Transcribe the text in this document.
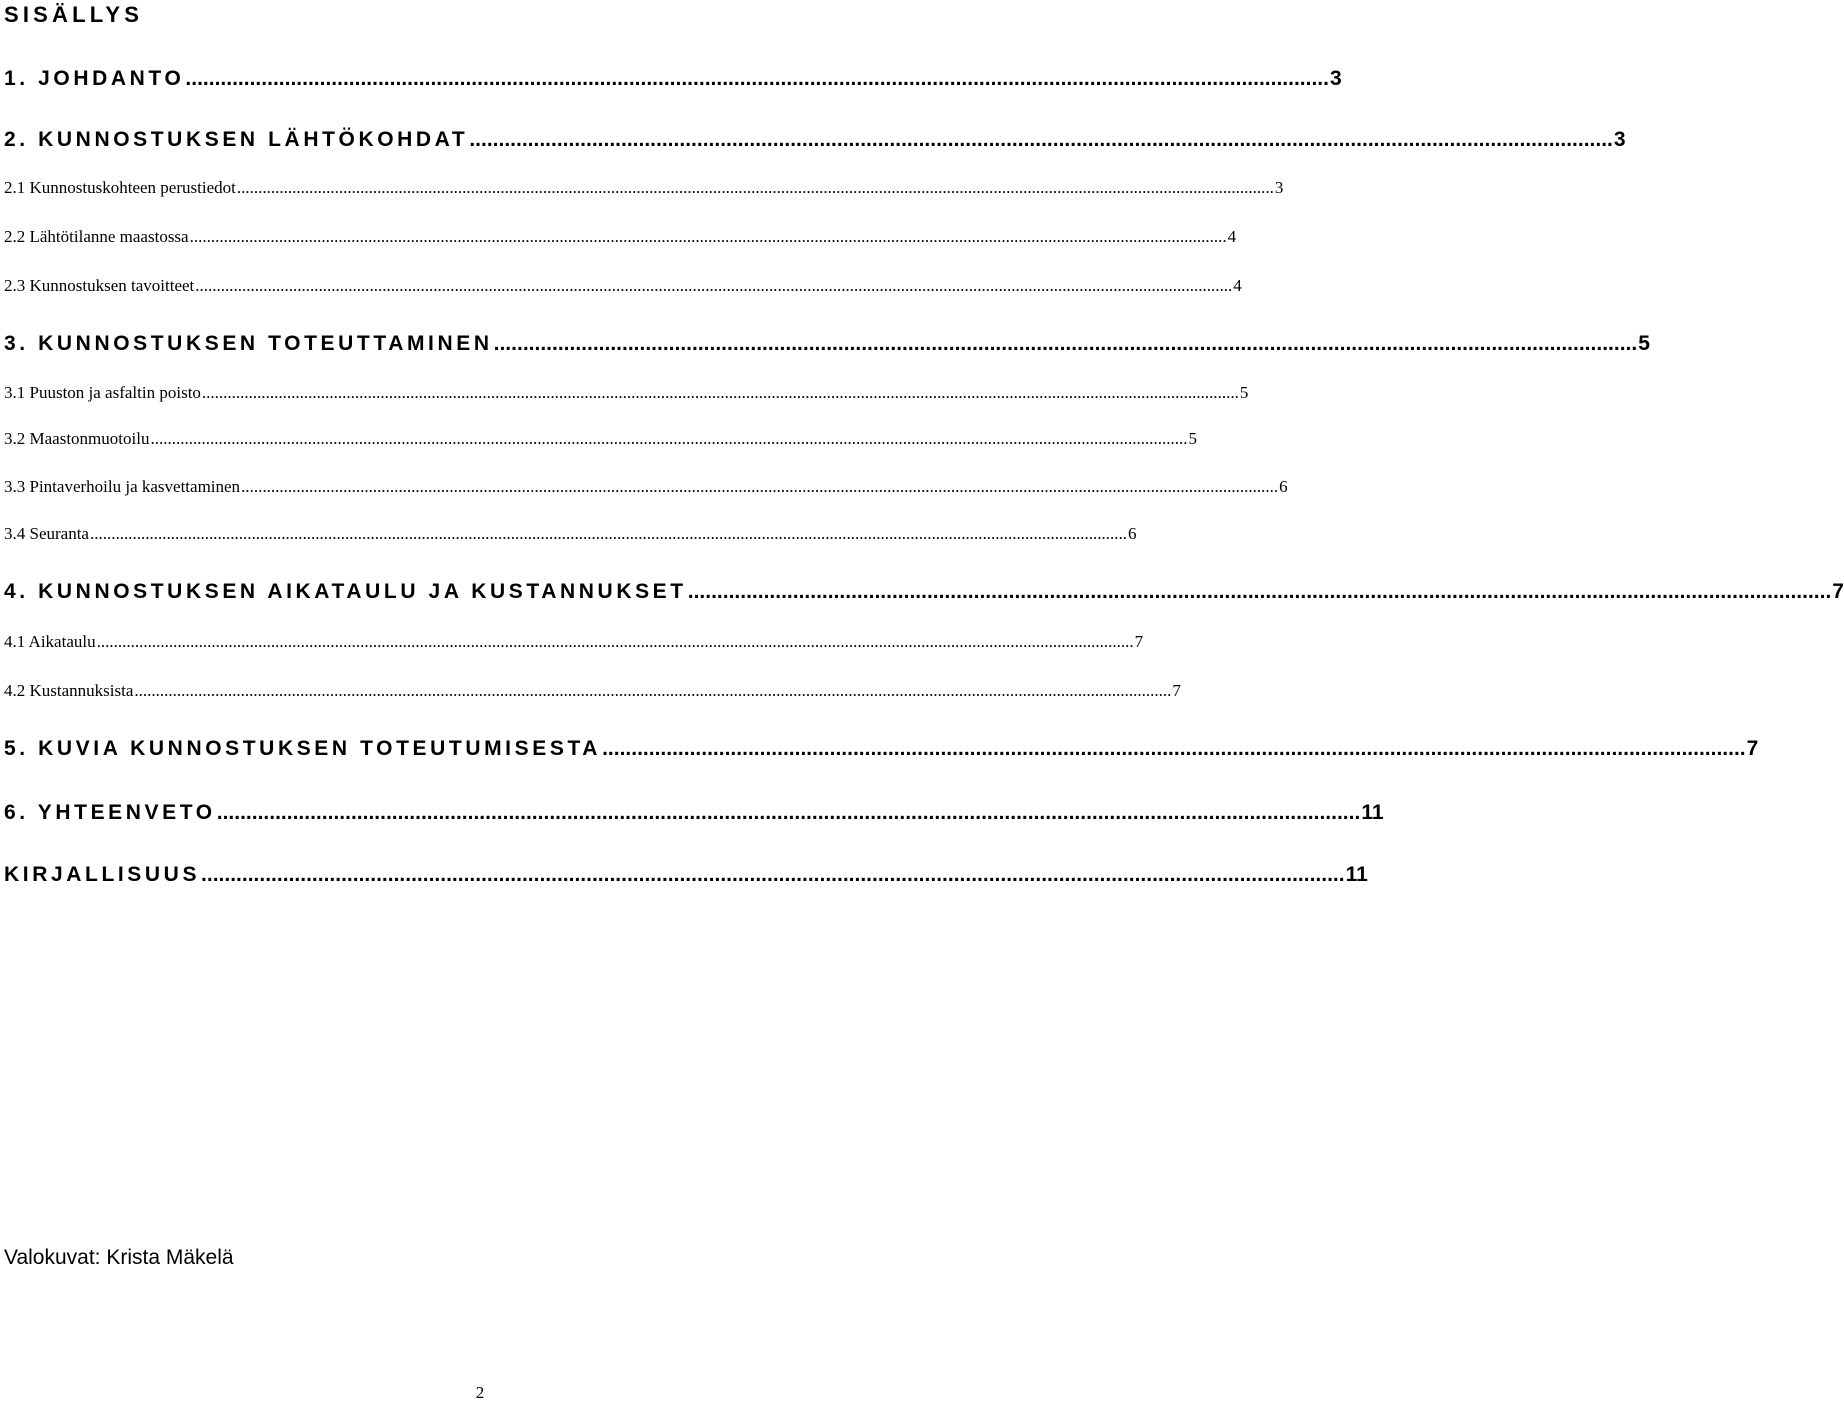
SISÄLLYS
1. JOHDANTO .................................................................................................................................................................................................... 3
2. KUNNOSTUKSEN LÄHTÖKOHDAT .................................................................................................................................................................................................... 3
2.1 Kunnostuskohteen perustiedot .................................................................................................................................................................................................................................................... 3
2.2 Lähtötilanne maastossa .................................................................................................................................................................................................................................................... 4
2.3 Kunnostuksen tavoitteet .................................................................................................................................................................................................................................................... 4
3. KUNNOSTUKSEN TOTEUTTAMINEN .................................................................................................................................................................................................... 5
3.1 Puuston ja asfaltin poisto .................................................................................................................................................................................................................................................... 5
3.2 Maastonmuotoilu .................................................................................................................................................................................................................................................... 5
3.3 Pintaverhoilu ja kasvettaminen .................................................................................................................................................................................................................................................... 6
3.4 Seuranta .................................................................................................................................................................................................................................................... 6
4. KUNNOSTUKSEN AIKATAULU JA KUSTANNUKSET .................................................................................................................................................................................................... 7
4.1 Aikataulu .................................................................................................................................................................................................................................................... 7
4.2 Kustannuksista .................................................................................................................................................................................................................................................... 7
5. KUVIA KUNNOSTUKSEN TOTEUTUMISESTA .................................................................................................................................................................................................... 7
6. YHTEENVETO .................................................................................................................................................................................................... 11
KIRJALLISUUS .................................................................................................................................................................................................... 11
Valokuvat: Krista Mäkelä
2
